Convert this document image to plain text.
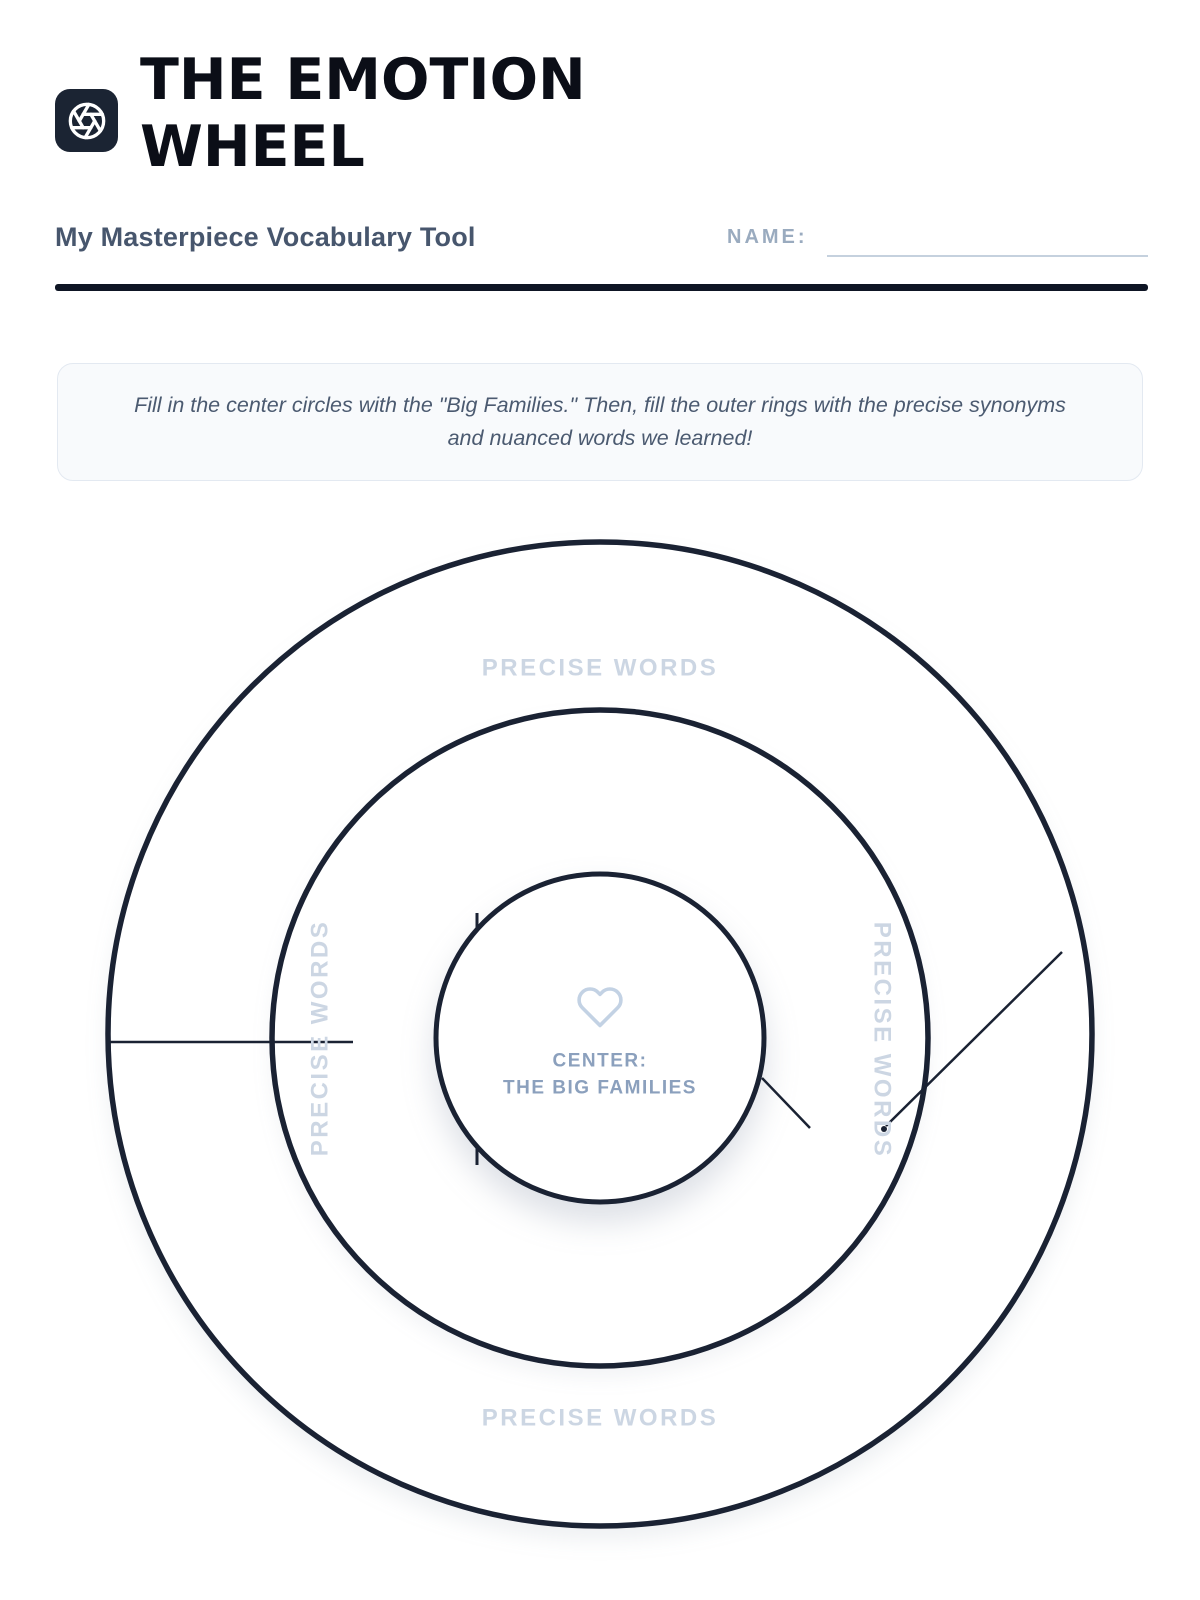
THE EMOTION
WHEEL
My Masterpiece Vocabulary Tool	NAME:

Fill in the center circles with the "Big Families." Then, fill the outer rings with the precise synonyms
and nuanced words we learned!

PRECISE WORDS
PRECISE WORDS
PRECISE WORDS	PRECISE WORDS
CENTER:
THE BIG FAMILIES
